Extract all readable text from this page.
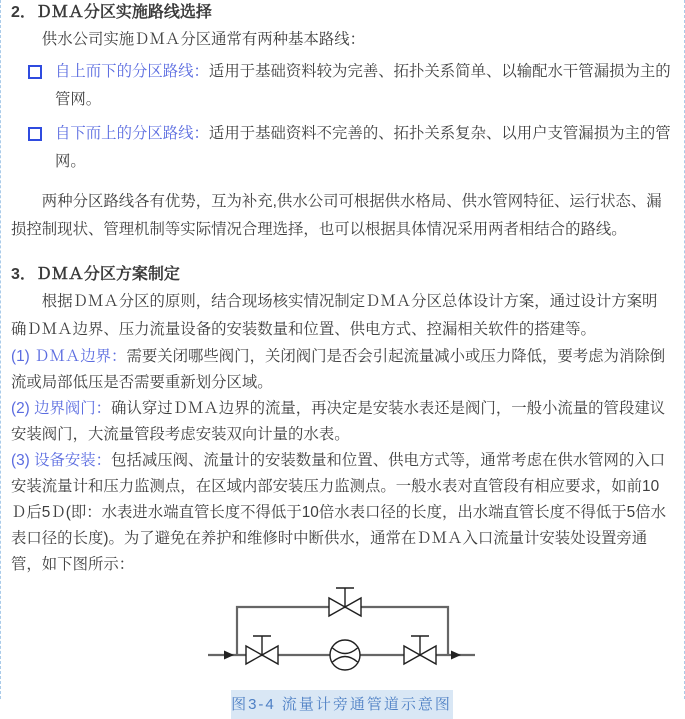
2．ＤＭＡ分区实施路线选择

供水公司实施ＤＭＡ分区通常有两种基本路线：

自上而下的分区路线：适用于基础资料较为完善、拓扑关系简单、以输配水干管漏损为主的管网。
自下而上的分区路线：适用于基础资料不完善的、拓扑关系复杂、以用户支管漏损为主的管网。

两种分区路线各有优势，互为补充,供水公司可根据供水格局、供水管网特征、运行状态、漏损控制现状、管理机制等实际情况合理选择，也可以根据具体情况采用两者相结合的路线。

3．ＤＭＡ分区方案制定

根据ＤＭＡ分区的原则，结合现场核实情况制定ＤＭＡ分区总体设计方案，通过设计方案明确ＤＭＡ边界、压力流量设备的安装数量和位置、供电方式、控漏相关软件的搭建等。

(1) ＤＭＡ边界：需要关闭哪些阀门，关闭阀门是否会引起流量减小或压力降低，要考虑为消除倒流或局部低压是否需要重新划分区域。

(2) 边界阀门：确认穿过ＤＭＡ边界的流量，再决定是安装水表还是阀门，一般小流量的管段建议安装阀门，大流量管段考虑安装双向计量的水表。

(3) 设备安装：包括减压阀、流量计的安装数量和位置、供电方式等，通常考虑在供水管网的入口安装流量计和压力监测点，在区域内部安装压力监测点。一般水表对直管段有相应要求，如前10Ｄ后5Ｄ(即：水表进水端直管长度不得低于10倍水表口径的长度，出水端直管长度不得低于5倍水表口径的长度)。为了避免在养护和维修时中断供水，通常在ＤＭＡ入口流量计安装处设置旁通管，如下图所示：

图3-4 流量计旁通管道示意图
